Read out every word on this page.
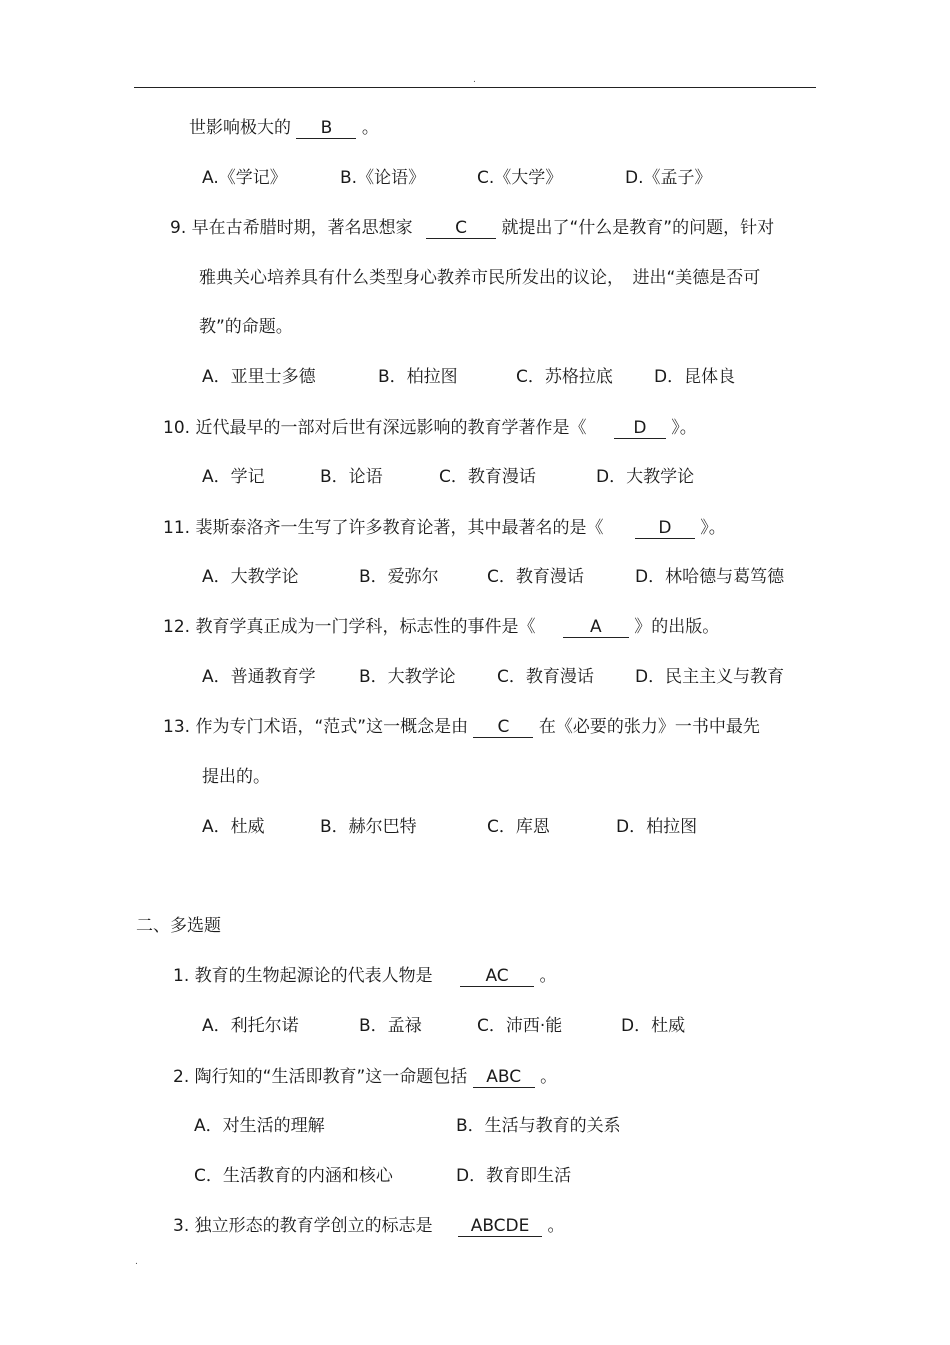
.
世影响极大的 B 。
A.《学记》	B.《论语》	C.《大学》	D.《孟子》
9. 早在古希腊时期，著名思想家 C 就提出了“什么是教育”的问题，针对
雅典关心培养具有什么类型身心教养市民所发出的议论，　进出“美德是否可
教”的命题。
A．亚里士多德	B．柏拉图	C．苏格拉底 D．昆体良
10. 近代最早的一部对后世有深远影响的教育学著作是《	D 》。
A．学记	B．论语	C．教育漫话	D．大教学论
11. 裴斯泰洛齐一生写了许多教育论著，其中最著名的是《	D 》。
A．大教学论	B．爱弥尔	C．教育漫话	D．林哈德与葛笃德
12. 教育学真正成为一门学科，标志性的事件是《	A 》的出版。
A．普通教育学	B．大教学论 C．教育漫话 D．民主主义与教育
13. 作为专门术语，“范式”这一概念是由 C 在《必要的张力》一书中最先
提出的。
A．杜威	B．赫尔巴特	C．库恩	D．柏拉图
二、多选题
1. 教育的生物起源论的代表人物是	AC 。
A．利托尔诺	B．孟禄	C．沛西·能	D．杜威
2. 陶行知的“生活即教育”这一命题包括 ABC 。
A．对生活的理解	B．生活与教育的关系
C．生活教育的内涵和核心	D．教育即生活
3. 独立形态的教育学创立的标志是 ABCDE 。
.
